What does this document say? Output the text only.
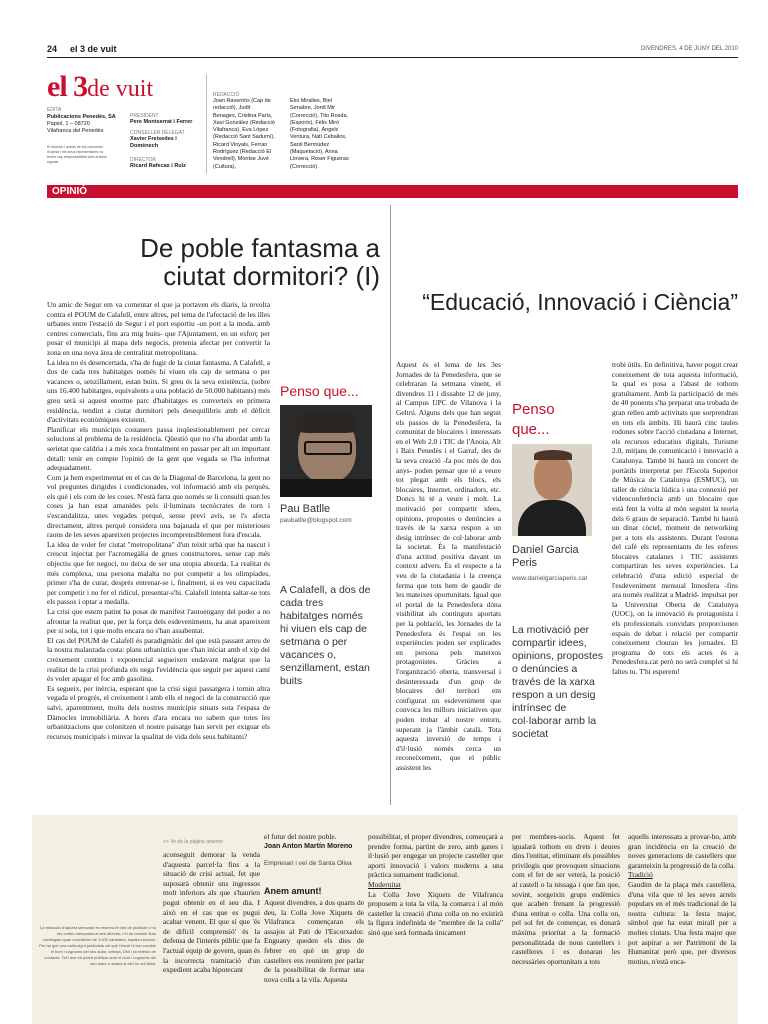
24 el 3 de vuit	DIVENDRES, 4 DE JUNY DEL 2010
el 3de vuit
EDITA
Publicacions Penedès, SA
Papiol, 1 – 08720
Vilafranca del Penedès
El director i autors de les columnes d'opinió i els seus representants no tenen cap responsabilitat dels articles signats
PRESIDENT
Pere Montserrat i Ferrer
CONSELLER DELEGAT
Xavier Freixedes i Domènech
DIRECTOR
Ricard Rafecas i Ruiz
REDACCIÓ
Joan Raventós (Cap de redacció), Judit Benages, Cristina París, Xavi González (Redacció Vilafranca), Eva López (Redacció Sant Sadurní), Ricard Vinyals, Ferran Rodríguez (Redacció El Vendrell), Montse Juvé (Cultura),
Eloi Miralles, Biel Senabre, Jordi Mir (Correcció), Tito Rosda, (Esports), Fèlix Miró (Fotografia), Àngels Ventura, Natí Ceballos, Santi Bermúdez (Maquetació), Anna Llovera, Roser Figueras (Correcció).
OPINIÓ
De poble fantasma a
ciutat dormitori? (I)

Un amic de Segur em va comentar el que ja portaven els diaris, la revolta contra el POUM de Calafell, entre altres, pel tema de l'afectació de les illes urbanes entre l'estació de Segur i el port esportiu -un port a la moda, amb centres comercials, fins ara mig buits- que l'Ajuntament, en un esforç per posar el municipi al mapa dels negocis, pretenia afectar per convertir la zona en una nova àrea de centralitat metropolitana.

La idea no és desencertada, s'ha de fugir de la ciutat fantasma. A Calafell, a dos de cada tres habitatges només hi viuen els cap de setmana o per vacances o, senzillament, estan buits. Si greu és la seva existència, (sobre uns 16.400 habitatges, equivalents a una població de 50.000 habitants) més greu serà si aquest enorme parc d'habitatges es converteix en primera residència, tendint a ciutat dormitori pels desequilibris amb el dèficit d'activitats econòmiques existent.

Planificar els municipis costaners passa inqüestionablement per cercar solucions al problema de la residència. Qüestió que no s'ha abordat amb la serietat que caldria i a més xoca frontalment en passar per alt un important detall: tenir en compte l'opinió de la gent que vegada se l'ha informat adequadament.

Com ja hem experimentat en el cas de la Diagonal de Barcelona, la gent no vol preguntes dirigides i condicionades, vol informació amb els perquès, els què i els com de les coses. N'està farta que només se li consulti quan les coses ja han estat amanides pels il·luminats tecnòcrates de torn i s'escandalitza, unes vegades perquè, sense previ avís, se l's afecta directament, altres perquè considera una bajanada el que per misterioses raons de les seves apareixen projectes incomprensiblement fora d'escala.

La idea de voler fer ciutat "metropolitana" d'un teixit urbà que ha nascut i crescut injectat per l'acromegàlia de grues constructores, sense cap més objectiu que fer negoci, no deixa de ser una utopia absurda. La realitat és més complexa, una persona malalta no pot competir a les olimpíades, primer s'ha de curar, després entrenar-se i, finalment, si es veu capacitada per competir i no fer el ridícul, presentar-s'hi. Calafell intenta saltar-se tots els passos i optar a medalla.

La crisi que estem patint ha posat de manifest l'autoengany del poder a no afrontar la realitat que, per la força dels esdeveniments, ha anat apareixent per si sola, tot i que molts encara no s'han assabentat.

El cas del POUM de Calafell és paradigmàtic del que està passant arreu de la nostra malaurada costa: plans urbanístics que s'han iniciat amb el xip del creixement continu i exponencial segueixen endavant malgrat que la realitat de la crisi profunda els nega l'evidència que seguir per aquest camí és voler apagar el foc amb gasolina.

Es segueix, per inèrcia, esperant que la crisi sigui passatgera i tornin altra vegada el progrés, el creixement i amb ells el negoci de la construcció que salvi, aparentment, molts dels nostres municipis situats sota l'espasa de Dàmocles immobiliària. A hores d'ara encara no sabem que totes les urbanitzacions que colonitzen el nostre paisatge han servit per exiguar els recursos municipals i minvar la qualitat de vida dels seus habitants?

Penso que...
Pau Batlle
paubatlle@blogspot.com
A Calafell, a dos de cada tres habitatges només hi viuen els cap de setmana o per vacances o, senzillament, estan buits
“Educació, Innovació i Ciència”
Aquest és el lema de les 3es Jornades de la Penedesfera, que se celebraran la setmana vinent, el divendres 11 i dissabte 12 de juny, al Campus UPC de Vilanova i la Geltrú. Alguns dels que han seguit els passos de la Penedesfera, la comunitat de blocaires i interessats en el Web 2.0 i TIC de l'Anoia, Alt i Baix Penedès i el Garraf, des de la seva creació -fa poc més de dos anys- poden pensar que té a veure tot plegat amb els blocs, els blocaires, Internet, ordinadors, etc. Doncs hi té a veure i molt. La motivació per compartir idees, opinions, propostes o denúncies a través de la xarxa respon a un desig intrínsec de col·laborar amb la societat. És la manifestació d'una actitud positiva davant un context advers. És el respecte a la veu de la ciutadania i la creença ferma que tots hem de gaudir de les mateixes oportunitats. Igual que el portal de la Penedesfera dóna visibilitat als continguts aportats per la població, les Jornades de la Penedesfera és l'espai on les experiències poden ser explicades en persona pels mateixos protagonistes. Gràcies a l'organització oberta, transversal i desinteressada d'un grup de blocaires del territori em configurat un esdeveniment que convoca les millors iniciatives que poden trobar al nostre entorn, superant ja l'àmbit català. Tota aquesta inversió de temps i d'il·lusió només cerca un reconeixement, que el públic assistent les
Penso
que...
Daniel Garcia Peris
www.danielgarciaperis.cat
La motivació per compartir idees, opinions, propostes o denúncies a través de la xarxa respon a un desig intrínsec de col·laborar amb la societat
trobi útils. En definitiva, haver pogut crear coneixement de tota aquesta informació, la qual es posa a l'abast de tothom gratuïtament. Amb la participació de més de 40 ponents s'ha preparat una trobada de gran relleu amb activitats que sorprendran en tots els àmbits. Hi haurà cinc taules rodones sobre l'acció ciutadana a Internet, els recursos educatius digitals, Turisme 2.0, mitjans de comunicació i innovació a Catalunya. També hi haurà un concert de portàtils interpretat per l'Escola Superior de Música de Catalunya (ESMUC), un taller de ciència lúdica i una connexió per videoconferència amb un blocaire que està fent la volta al món seguint la teoria dels 6 graus de separació. També hi haurà un dinar còctel, moment de networking per a tots els assistents. Durant l'estona del cafè els representants de les esferes blocaires catalanes i TIC assistents compartiran les seves experiències. La celebració d'una edició especial de l'esdeveniment mensual Innosfera -fins ara només realitzat a Madrid- impulsat per la Universitat Oberta de Catalunya (UOC), on la innovació és protagonista i els professionals convidats proporcionen espais de debat i relació per compartir coneixement clouran les jornades. El programa de tots els actes és a Penedesfera.cat però no serà complet si hi faltes tu. T'hi esperem!
La redacció d'aquest semanari es reserva el dret de publicar o no les cartes adreçades al seu director, i el de resumir llurs continguts quan excedeixin de 1.000 caràcters, espais inclosos. Per tal que una carta sigui publicada cal que l'escrit hi faci constar el nom i cognoms del seu autor, adreça, DNI i un telèfon de contacte. Tot i així es podrà publicar amb el nom i cognoms del seu autor o autors si així ho sol·licita.
>> Ve de la pàgina anterior
aconseguit demorar la venda d'aquesta parcel·la fins a la situació de crisi actual, fet que suposarà obtenir uns ingressos molt inferiors als que s'haurien pogut obtenir en el seu dia. I això en el cas que es pugui acabar venent. El que sí que 'és de difícil comprensió' és la defensa de l'interès públic que fa l'actual equip de govern, quan és la incorrecta tramitació d'un expedient acaba hipotecant
el futur del nostre poble.
Joan Anton Martín Moreno
Empresari i veí de Santa Oliva
Anem amunt!
Aquest divendres, a dos quarts de deu, la Colla Jove Xiquets de Vilafranca començaran els assajos al Pati de l'Escorxador. Enguany queden els dies de febrer en què un grup de castellers ens reunírem per parlar de la possibilitat de formar una nova colla a la vila. Aquesta

possibilitat, el proper divendres, començarà a prendre forma, partint de zero, amb ganes i il·lusió per engegar un projecte casteller que aporti innovació i valors moderns a una pràctica sumament tradicional.

Modernitat

La Colla Jove Xiquets de Vilafranca proposem a tota la vila, la comarca i al món casteller la creació d'una colla on no existirà la figura indefinida de "membre de la colla" sinó que serà formada únicament

per membres-socis. Aquest fet igualarà tothom en drets i deures dins l'entitat, eliminant els possibles privilegis que provoquen situacions com el fet de ser veterà, la posició al castell o la nissaga i que fan que, sovint, sorgeixin grups endèmics que acaben frenant la progressió d'una entitat o colla. Una colla on, pel sol fet de començar, es donarà màxima prioritat a la formació personalitzada de nous castellers i castelleres i es donaran les necessàries oportunitats a tots

aquells interessats a provar-ho, amb gran incidència en la creació de noves generacions de castellers que garanteixin la progressió de la colla.

Tradició

Gaudim de la plaça més castellera, d'una vila que té les seves arrels populars en el més tradicional de la nostra cultura: la festa major, símbol que ha estat mirall per a moltes ciutats. Una festa major que pot aspirar a ser Patrimoni de la Humanitat però que, per diversos motius, n'està enca-
